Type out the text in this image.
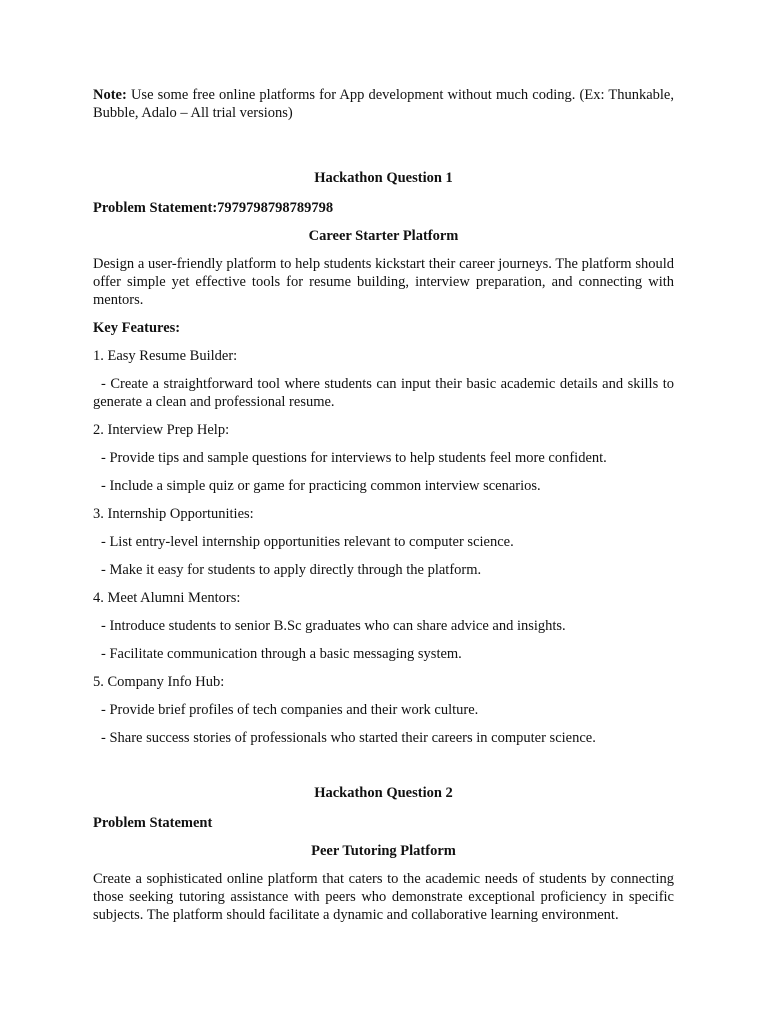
Note: Use some free online platforms for App development without much coding. (Ex: Thunkable, Bubble, Adalo – All trial versions)

Hackathon Question 1

Problem Statement:7979798798789798

Career Starter Platform

Design a user-friendly platform to help students kickstart their career journeys. The platform should offer simple yet effective tools for resume building, interview preparation, and connecting with mentors.

Key Features:

1. Easy Resume Builder:

- Create a straightforward tool where students can input their basic academic details and skills to generate a clean and professional resume.

2. Interview Prep Help:

- Provide tips and sample questions for interviews to help students feel more confident.

- Include a simple quiz or game for practicing common interview scenarios.

3. Internship Opportunities:

- List entry-level internship opportunities relevant to computer science.

- Make it easy for students to apply directly through the platform.

4. Meet Alumni Mentors:

- Introduce students to senior B.Sc graduates who can share advice and insights.

- Facilitate communication through a basic messaging system.

5. Company Info Hub:

- Provide brief profiles of tech companies and their work culture.

- Share success stories of professionals who started their careers in computer science.

Hackathon Question 2

Problem Statement

Peer Tutoring Platform

Create a sophisticated online platform that caters to the academic needs of students by connecting those seeking tutoring assistance with peers who demonstrate exceptional proficiency in specific subjects. The platform should facilitate a dynamic and collaborative learning environment.
